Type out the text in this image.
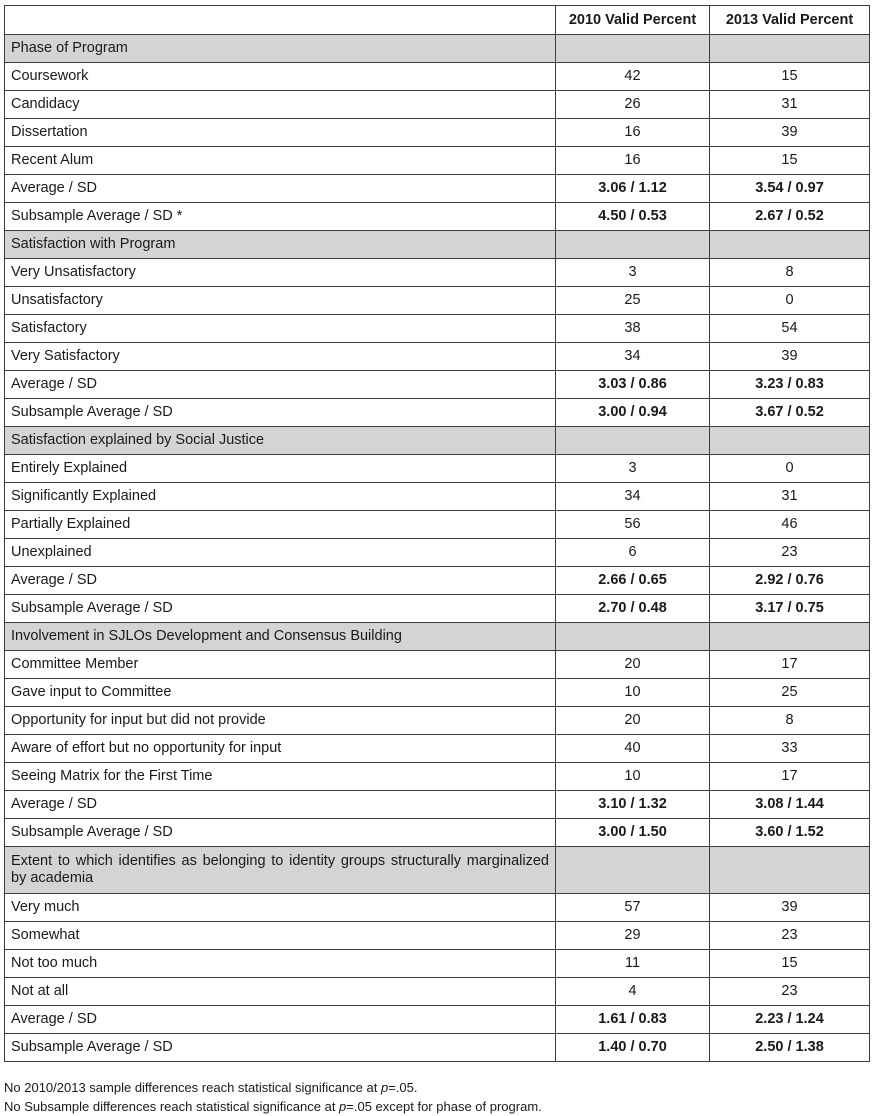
	2010 Valid Percent	2013 Valid Percent
Phase of Program		
Coursework	42	15
Candidacy	26	31
Dissertation	16	39
Recent Alum	16	15
Average / SD	3.06 / 1.12	3.54 / 0.97
Subsample Average / SD *	4.50 / 0.53	2.67 / 0.52
Satisfaction with Program		
Very Unsatisfactory	3	8
Unsatisfactory	25	0
Satisfactory	38	54
Very Satisfactory	34	39
Average / SD	3.03 / 0.86	3.23 / 0.83
Subsample Average / SD	3.00 / 0.94	3.67 / 0.52
Satisfaction explained by Social Justice		
Entirely Explained	3	0
Significantly Explained	34	31
Partially Explained	56	46
Unexplained	6	23
Average / SD	2.66 / 0.65	2.92 / 0.76
Subsample Average / SD	2.70 / 0.48	3.17 / 0.75
Involvement in SJLOs Development and Consensus Building		
Committee Member	20	17
Gave input to Committee	10	25
Opportunity for input but did not provide	20	8
Aware of effort but no opportunity for input	40	33
Seeing Matrix for the First Time	10	17
Average / SD	3.10 / 1.32	3.08 / 1.44
Subsample Average / SD	3.00 / 1.50	3.60 / 1.52
Extent to which identifies as belonging to identity groups structurally marginalized by academia		
Very much	57	39
Somewhat	29	23
Not too much	11	15
Not at all	4	23
Average / SD	1.61 / 0.83	2.23 / 1.24
Subsample Average / SD	1.40 / 0.70	2.50 / 1.38

No 2010/2013 sample differences reach statistical significance at p=.05.

No Subsample differences reach statistical significance at p=.05 except for phase of program.
